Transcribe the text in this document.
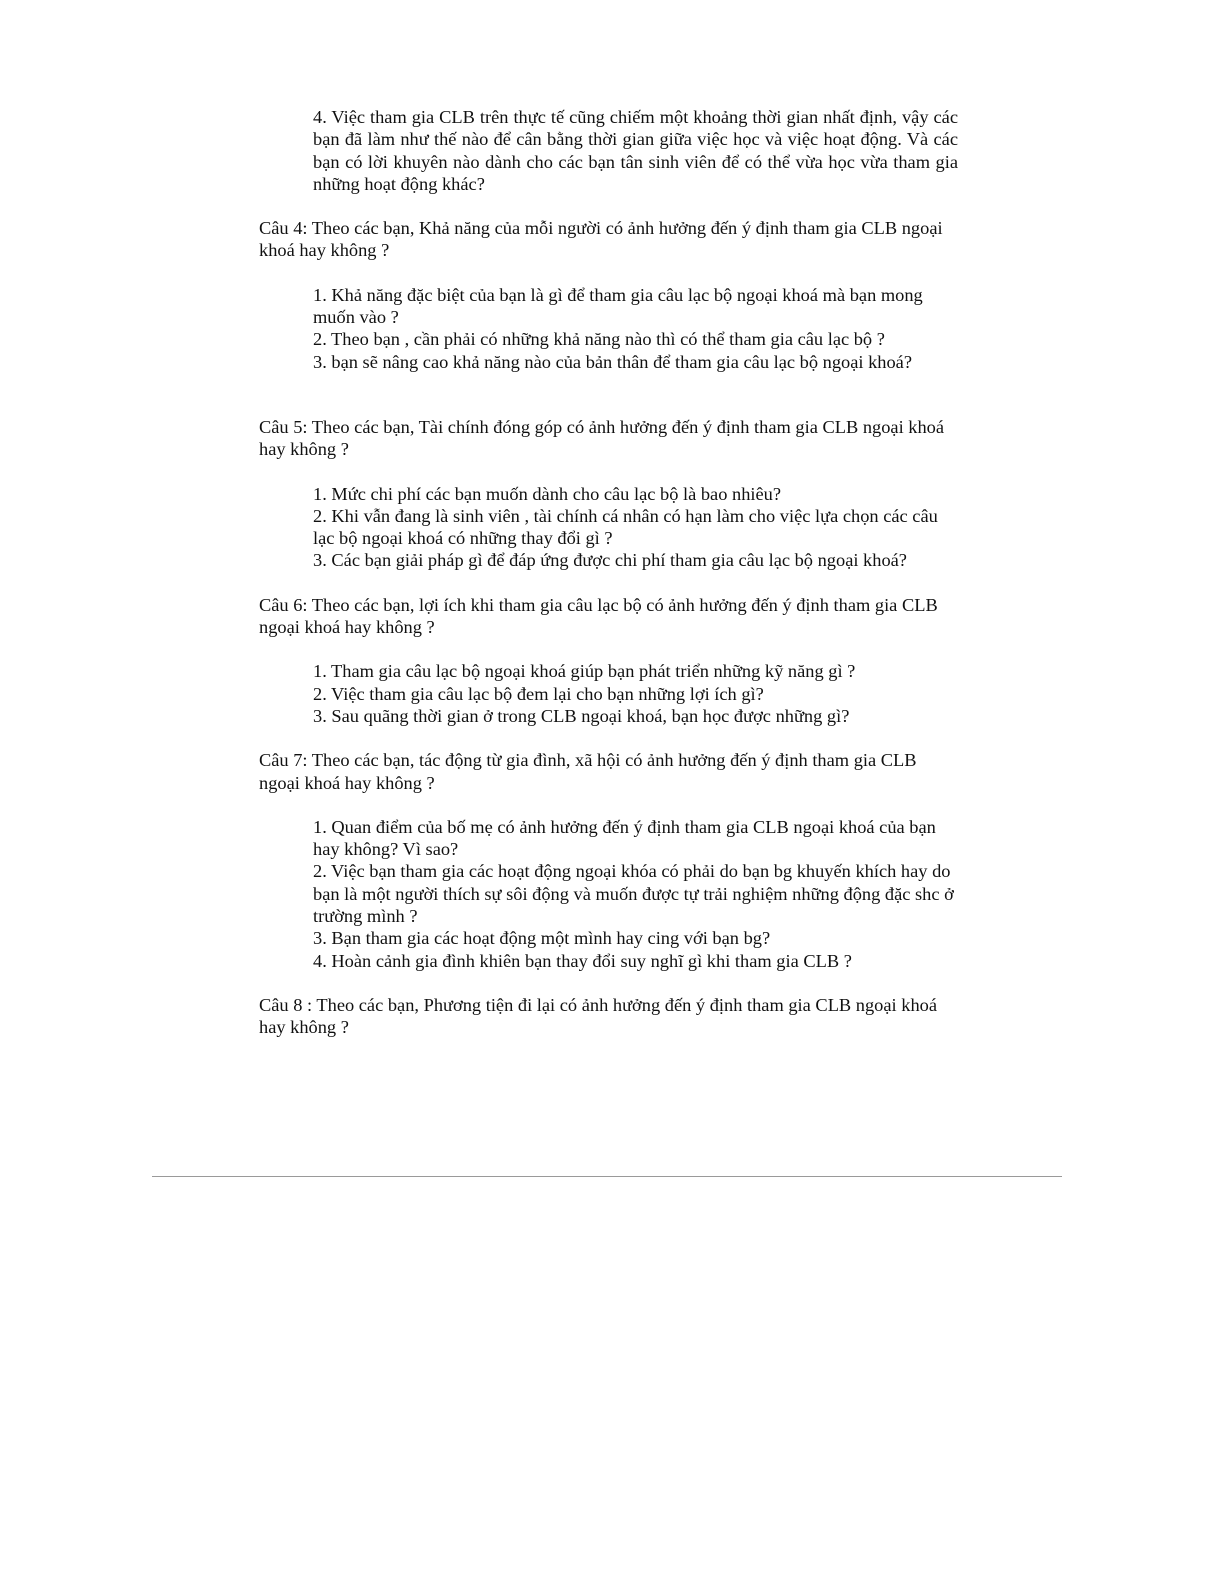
4. Việc tham gia CLB trên thực tế cũng chiếm một khoảng thời gian nhất định, vậy các bạn đã làm như thế nào để cân bằng thời gian giữa việc học và việc hoạt động. Và các bạn có lời khuyên nào dành cho các bạn tân sinh viên để có thể vừa học vừa tham gia những hoạt động khác?

Câu 4: Theo các bạn, Khả năng của mỗi người có ảnh hưởng đến ý định tham gia CLB ngoại khoá hay không ?

1. Khả năng đặc biệt của bạn là gì để tham gia câu lạc bộ ngoại khoá mà bạn mong muốn vào ?

2. Theo bạn , cần phải có những khả năng nào thì có thể tham gia câu lạc bộ ?

3. bạn sẽ nâng cao khả năng nào của bản thân để tham gia câu lạc bộ ngoại khoá?

Câu 5: Theo các bạn, Tài chính đóng góp có ảnh hưởng đến ý định tham gia CLB ngoại khoá hay không ?

1. Mức chi phí các bạn muốn dành cho câu lạc bộ là bao nhiêu?

2. Khi vẫn đang là sinh viên , tài chính cá nhân có hạn làm cho việc lựa chọn các câu lạc bộ ngoại khoá có những thay đổi gì ?

3. Các bạn giải pháp gì để đáp ứng được chi phí tham gia câu lạc bộ ngoại khoá?

Câu 6: Theo các bạn, lợi ích khi tham gia câu lạc bộ có ảnh hưởng đến ý định tham gia CLB ngoại khoá hay không ?

1. Tham gia câu lạc bộ ngoại khoá giúp bạn phát triển những kỹ năng gì ?

2. Việc tham gia câu lạc bộ đem lại cho bạn những lợi ích gì?

3. Sau quãng thời gian ở trong CLB ngoại khoá, bạn học được những gì?

Câu 7: Theo các bạn, tác động từ gia đình, xã hội có ảnh hưởng đến ý định tham gia CLB ngoại khoá hay không ?

1. Quan điểm của bố mẹ có ảnh hưởng đến ý định tham gia CLB ngoại khoá của bạn hay không? Vì sao?

2. Việc bạn tham gia các hoạt động ngoại khóa có phải do bạn bg khuyến khích hay do bạn là một người thích sự sôi động và muốn được tự trải nghiệm những động đặc shc ở trường mình ?

3. Bạn tham gia các hoạt động một mình hay cing với bạn bg?

4. Hoàn cảnh gia đình khiên bạn thay đổi suy nghĩ gì khi tham gia CLB ?

Câu 8 : Theo các bạn, Phương tiện đi lại có ảnh hưởng đến ý định tham gia CLB ngoại khoá hay không ?
